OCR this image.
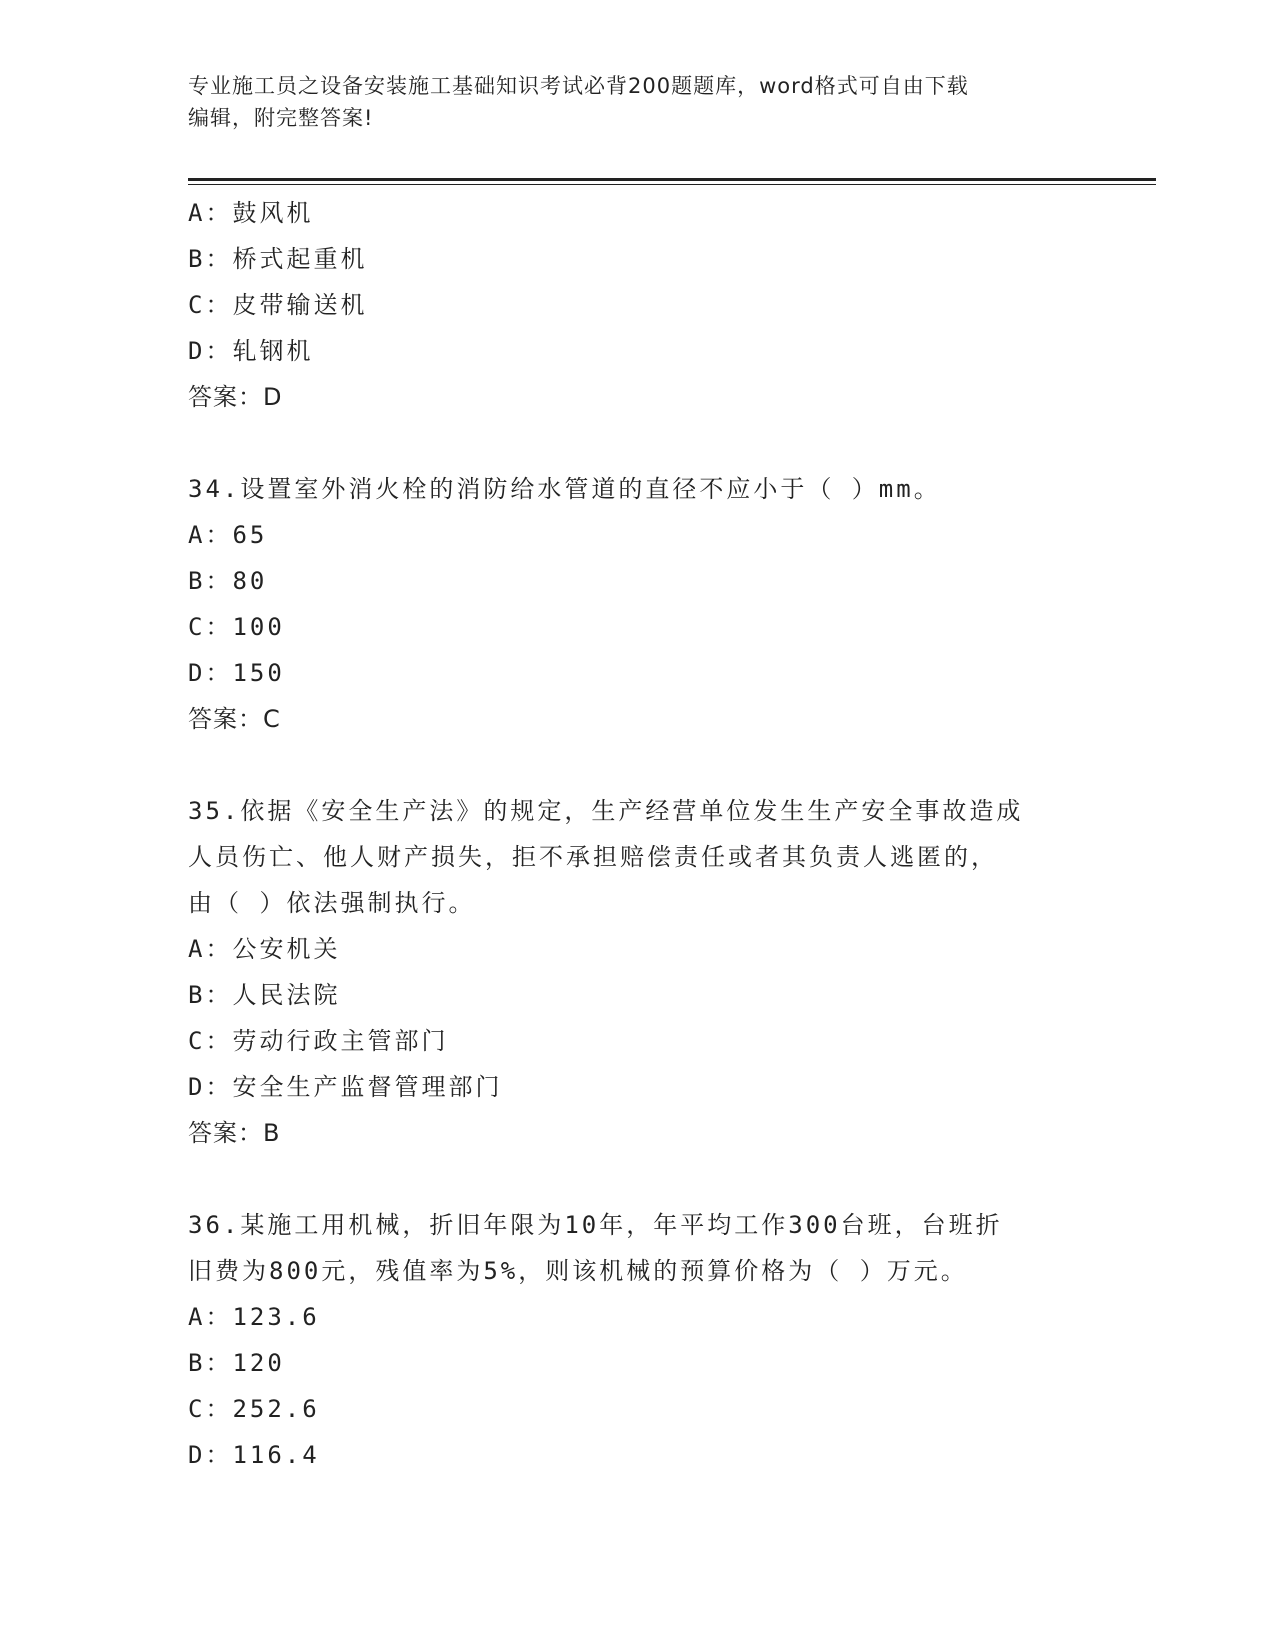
专业施工员之设备安装施工基础知识考试必背200题题库，word格式可自由下载
编辑，附完整答案!
A：鼓风机
B：桥式起重机
C：皮带输送机
D：轧钢机
答案：D
34.设置室外消火栓的消防给水管道的直径不应小于（ ）mm。
A：65
B：80
C：100
D：150
答案：C
35.依据《安全生产法》的规定，生产经营单位发生生产安全事故造成
人员伤亡、他人财产损失，拒不承担赔偿责任或者其负责人逃匿的，
由（ ）依法强制执行。
A：公安机关
B：人民法院
C：劳动行政主管部门
D：安全生产监督管理部门
答案：B
36.某施工用机械，折旧年限为10年，年平均工作300台班，台班折
旧费为800元，残值率为5%，则该机械的预算价格为（ ）万元。
A：123.6
B：120
C：252.6
D：116.4
